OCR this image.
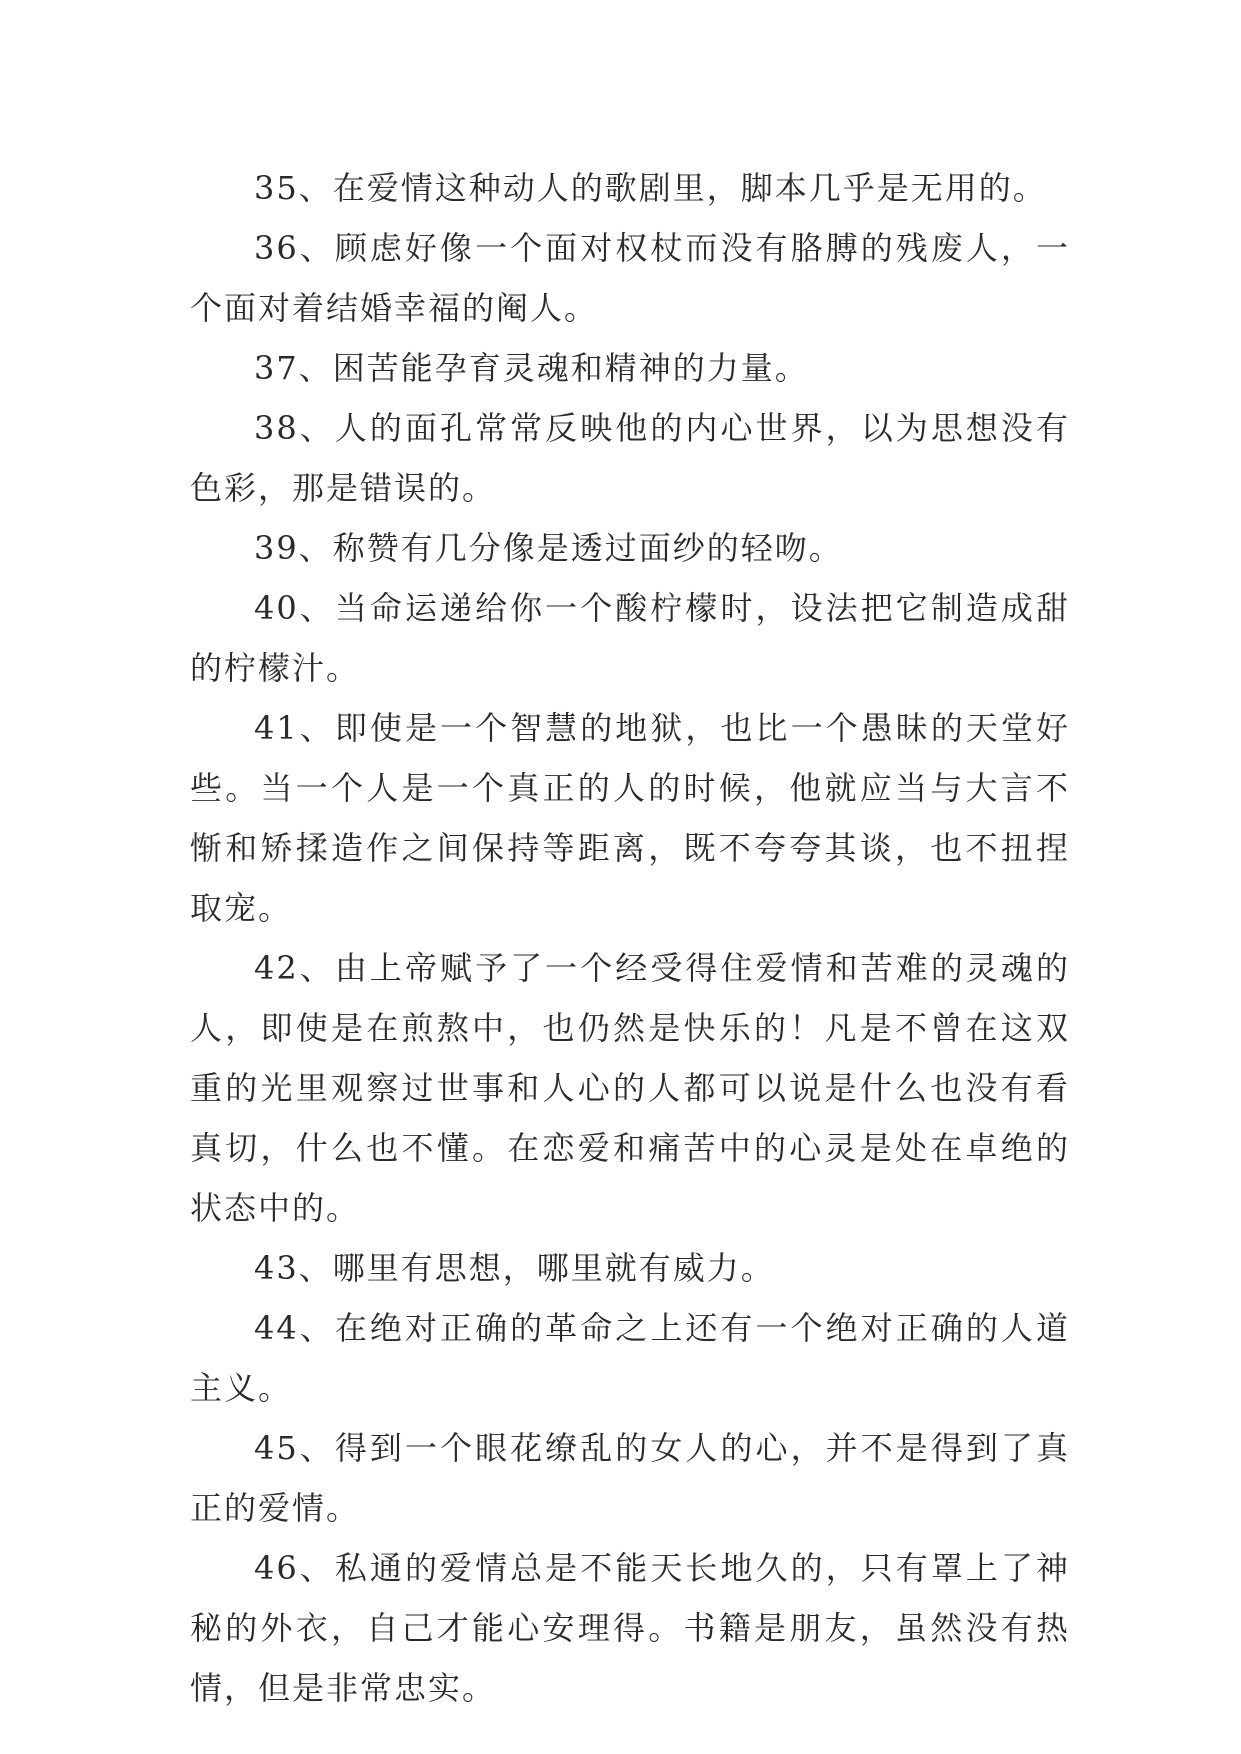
35、在爱情这种动人的歌剧里，脚本几乎是无用的。

36、顾虑好像一个面对权杖而没有胳膊的残废人，一个面对着结婚幸福的阉人。

37、困苦能孕育灵魂和精神的力量。

38、人的面孔常常反映他的内心世界，以为思想没有色彩，那是错误的。

39、称赞有几分像是透过面纱的轻吻。

40、当命运递给你一个酸柠檬时，设法把它制造成甜的柠檬汁。

41、即使是一个智慧的地狱，也比一个愚昧的天堂好些。当一个人是一个真正的人的时候，他就应当与大言不惭和矫揉造作之间保持等距离，既不夸夸其谈，也不扭捏取宠。

42、由上帝赋予了一个经受得住爱情和苦难的灵魂的人，即使是在煎熬中，也仍然是快乐的！凡是不曾在这双重的光里观察过世事和人心的人都可以说是什么也没有看真切，什么也不懂。在恋爱和痛苦中的心灵是处在卓绝的状态中的。

43、哪里有思想，哪里就有威力。

44、在绝对正确的革命之上还有一个绝对正确的人道主义。

45、得到一个眼花缭乱的女人的心，并不是得到了真正的爱情。

46、私通的爱情总是不能天长地久的，只有罩上了神秘的外衣，自己才能心安理得。书籍是朋友，虽然没有热情，但是非常忠实。
